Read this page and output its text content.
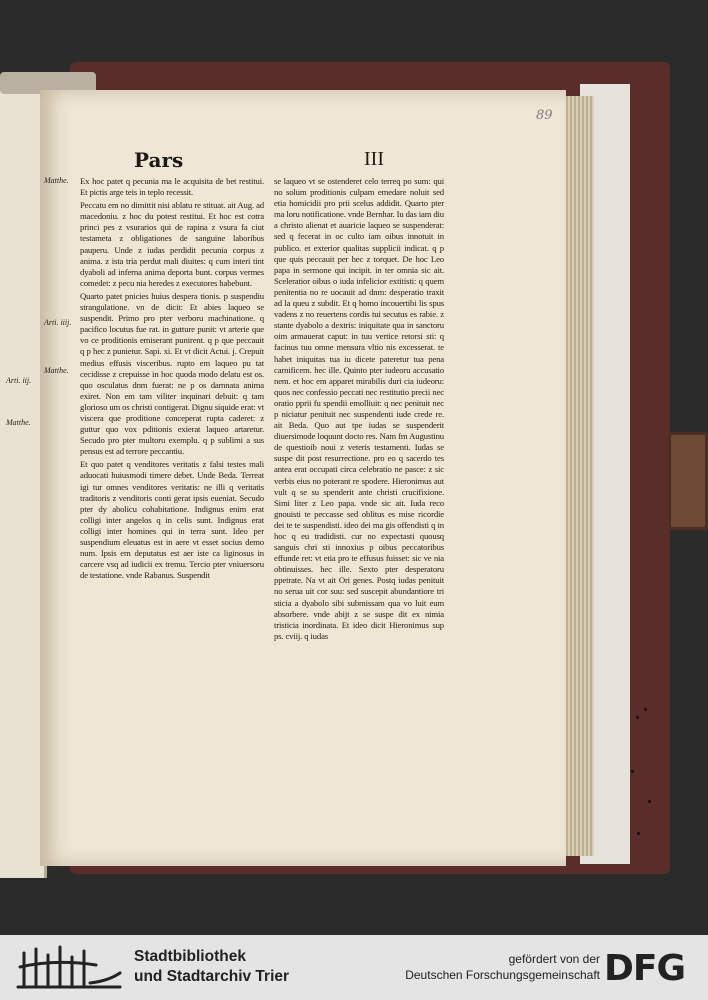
89
Pars	III
Matthe.
Arti. iiij.
Matthe.
Arti. iij.
Matthe.

Ex hoc patet q pecunia ma le acquisita de bet restitui. Et pictis arge teis in teplo recessit.

Peccatu em no dimittit nisi ablatu re stituat. ait Aug. ad macedoniu. z hoc du potest restitui. Et hoc est cotra princi pes z vsurarios qui de rapina z vsura fa ciut testameta z obligationes de sanguine laboribus pauperu. Unde z iudas perdidit pecunia corpus z anima. z ista tria perdut mali diuites: q cum interi tint dyaboli ad inferna anima deporta bunt. corpus vermes comedet: z pecu nia heredes z executores habebunt.

Quarto patet pnicies huius despera tionis. p suspendiu strangulatione. vn de dicit: Et abies laqueo se suspendit. Primo pro pter verboru machinatione. q pacifico locutus fue rat. in gutture punit: vt arterie que vo ce proditionis emiserant punirent. q p que peccauit q p hec z punietur. Sapi. xi. Et vt dicit Actui. j. Crepuit medius effusis visceribus. rupto em laqueo pu tat cecidisse z crepuisse in hoc quoda modo delatu est os. quo osculatus dnm fuerat: ne p os damnata anima exiret. Non em tam viliter inquinari debuit: q tam glorioso um os christi contigerat. Dignu siquide erat: vt viscera que proditione conceperat rupta caderet: z guttur quo vox pditionis exierat laqueo artaretur. Secudo pro pter multoru exemplu. q p sublimi a sus pensus est ad terrore peccantiu.

Et quo patet q venditores veritatis z falsi testes mali aduocati huiusmodi timere debet. Unde Beda. Terreat igi tur omnes venditores veritatis: ne illi q veritatis traditoris z venditoris conti gerat ipsis eueniat. Secudo pter dy abolicu cohabitatione. Indignus enim erat colligi inter angelos q in celis sunt. Indignus erat colligi inter homines qui in terra sunt. Ideo per suspendium eleuatus est in aere vt esset socius demo num. Ipsis em deputatus est aer iste ca liginosus in carcere vsq ad iudicii ex tremu. Tercio pter vniuersoru de testatione. vnde Rabanus. Suspendit

se laqueo vt se ostenderet celo terreq po sum: qui no solum proditionis culpam emedare noluit sed etia homicidii pro prii scelus addidit. Quarto pter ma loru notificatione. vnde Bernhar. Iu das iam diu a christo alienat et auaricie laqueo se suspenderat: sed q fecerat in oc culto iam oibus innotuit in publico. et exterior qualitas supplicii indicat. q p que quis peccauit per hec z torquet. De hoc Leo papa in sermone qui incipit. in ter omnia sic ait. Sceleratior oibus o iuda infelicior extitisti: q quem penitentia no re uocauit ad dnm: desperatio traxit ad la queu z subdit. Et q homo incouertibi lis spus vadens z no reuertens cordis tui secutus es rabie. z stante dyabolo a dextris: iniquitate qua in sanctoru oim armauerat caput: in tuu vertice retorsi sti: q facinus tuu omne mensura vltio nis excesserat. te habet iniquitas tua iu dicete pateretur tua pena carnificem. hec ille. Quinto pter iudeoru accusatio nem. et hoc em apparet mirabilis duri cia iudeoru: quos nec confessio peccati nec restitutio precii nec oratio pprii fu spendii emolliuit: q nec penituit nec p niciatur penituit nec suspendenti iude crede re. ait Beda. Quo aut tpe iudas se suspenderit diuersimode loquunt docto res. Nam fm Augustinu de questioib noui z veteris testamenti. Iudas se suspe dit post resurrectione. pro eo q sacerdo tes antea erat occupati circa celebratio ne pasce: z sic verbis eius no poterant re spodere. Hieronimus aut vult q se su spenderit ante christi crucifixione. Simi liter z Leo papa. vnde sic ait. Iuda reco gnouisti te peccasse sed oblitus es mise ricordie dei te te suspendisti. ideo dei ma gis offendisti q in hoc q eu tradidisti. cur no expectasti quousq sanguis chri sti innoxius p oibus peccatoribus effunde ret: vt etia pro te effusus fuisset: sic ve nia obtinuisses. hec ille. Sexto pter desperatoru ppetrate. Na vt ait Ori genes. Postq iudas penituit no serua uit cor suu: sed suscepit abundantiore tri sticia a dyabolo sibi submissam qua vo luit eum absorbere. vnde abijt z se suspe dit ex nimia tristicia inordinata. Et ideo dicit Hieronimus sup ps. cviij. q iudas

Stadtbibliothek
und Stadtarchiv Trier
gefördert von der
Deutschen Forschungsgemeinschaft DFG
